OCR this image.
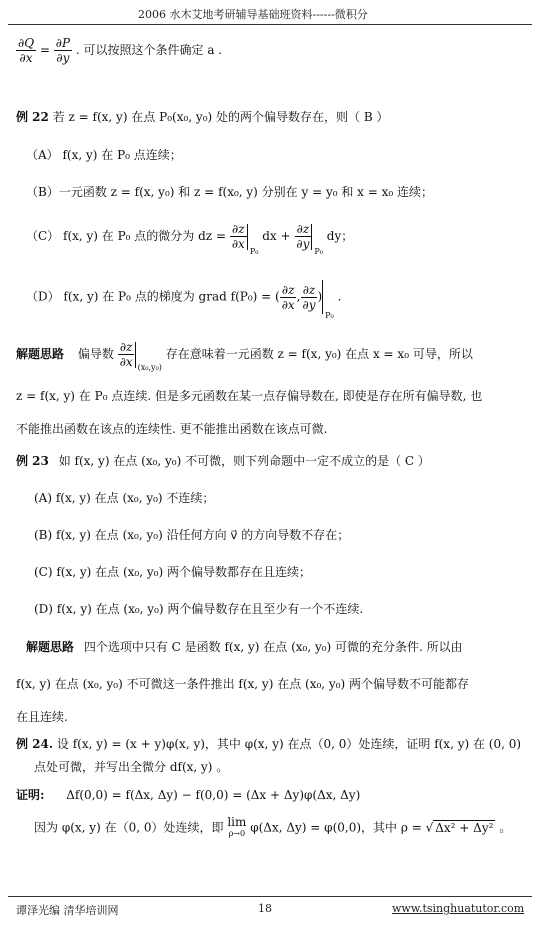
2006 水木艾地考研辅导基础班资料------微积分
$\frac{\partial Q}{\partial x} = \frac{\partial P}{\partial y}$ . 可以按照这个条件确定 a .
例 22 若 z = f(x, y) 在点 P₀(x₀, y₀) 处的两个偏导数存在，则（ B ）
（A） f(x, y) 在 P₀ 点连续；
（B）一元函数 z = f(x, y₀) 和 z = f(x₀, y) 分别在 y = y₀ 和 x = x₀ 连续；
（C） f(x, y) 在 P₀ 点的微分为 dz = $\frac{\partial z}{\partial x} _{P_0}$ dx + $\frac{\partial z}{\partial y} _{P_0}$ dy；
（D） f(x, y) 在 P₀ 点的梯度为 grad f(P₀) = ( $\frac{\partial z}{\partial x}$ , $\frac{\partial z}{\partial y} )_{P_0}$ .
解题思路 偏导数 $\frac{\partial z}{\partial x} _{(x_0,y_0)}$ 存在意味着一元函数 z = f(x, y₀) 在点 x = x₀ 可导，所以
z = f(x, y) 在 P₀ 点连续. 但是多元函数在某一点存偏导数在, 即使是存在所有偏导数, 也
不能推出函数在该点的连续性. 更不能推出函数在该点可微.
例 23 如 f(x, y) 在点 (x₀, y₀) 不可微，则下列命题中一定不成立的是（ C ）
(A) f(x, y) 在点 (x₀, y₀) 不连续；
(B) f(x, y) 在点 (x₀, y₀) 沿任何方向 v⃗ 的方向导数不存在；
(C) f(x, y) 在点 (x₀, y₀) 两个偏导数都存在且连续；
(D) f(x, y) 在点 (x₀, y₀) 两个偏导数存在且至少有一个不连续.
解题思路 四个选项中只有 C 是函数 f(x, y) 在点 (x₀, y₀) 可微的充分条件. 所以由
f(x, y) 在点 (x₀, y₀) 不可微这一条件推出 f(x, y) 在点 (x₀, y₀) 两个偏导数不可能都存
在且连续.
例 24. 设 f(x, y) = (x + y)φ(x, y)，其中 φ(x, y) 在点（0, 0）处连续，证明 f(x, y) 在 (0, 0)
点处可微，并写出全微分 df(x, y) 。
证明: Δf(0,0) = f(Δx, Δy) − f(0,0) = (Δx + Δy)φ(Δx, Δy)
因为 φ(x, y) 在（0, 0）处连续，即 lim
ρ→0 φ(Δx, Δy) = φ(0,0)，其中 ρ = √ Δx² + Δy² 。
谭泽光编 清华培训网	18	www.tsinghuatutor.com
